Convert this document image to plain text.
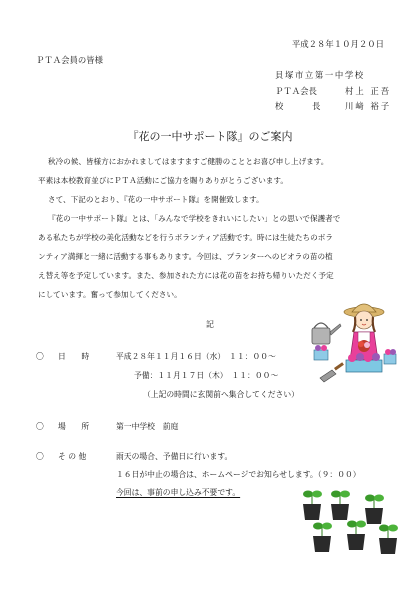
平成２８年１０月２０日
ＰＴＡ会員の皆様
貝塚市立第一中学校
ＰＴＡ会長	村上 正吾
校	長	川﨑 裕子
『花の一中サポート隊』のご案内
秋冷の候、皆様方におかれましてはますますご健勝のこととお喜び申し上げます。
平素は本校教育並びにＰＴＡ活動にご協力を賜りありがとうございます。
さて、下記のとおり、『花の一中サポート隊』を開催致します。
『花の一中サポート隊』とは、「みんなで学校をきれいにしたい」との思いで保護者で
ある私たちが学校の美化活動などを行うボランティア活動です。時には生徒たちのボラ
ンティア満揮と一緒に活動する事もあります。今回は、プランターへのビオラの苗の植
え替え等を予定しています。また、参加された方には花の苗をお持ち帰りいただく予定
にしています。奮って参加してください。
記
〇 日　　時	平成２８年１１月１６日（水）　１１：００～
予備：１１月１７日（木）　１１：００～
（上記の時間に玄関前へ集合してください）
〇 場　　所	第一中学校　前庭
〇 そ の 他	雨天の場合、予備日に行います。
１６日が中止の場合は、ホームページでお知らせします。（９：００）
今回は、事前の申し込み不要です。
